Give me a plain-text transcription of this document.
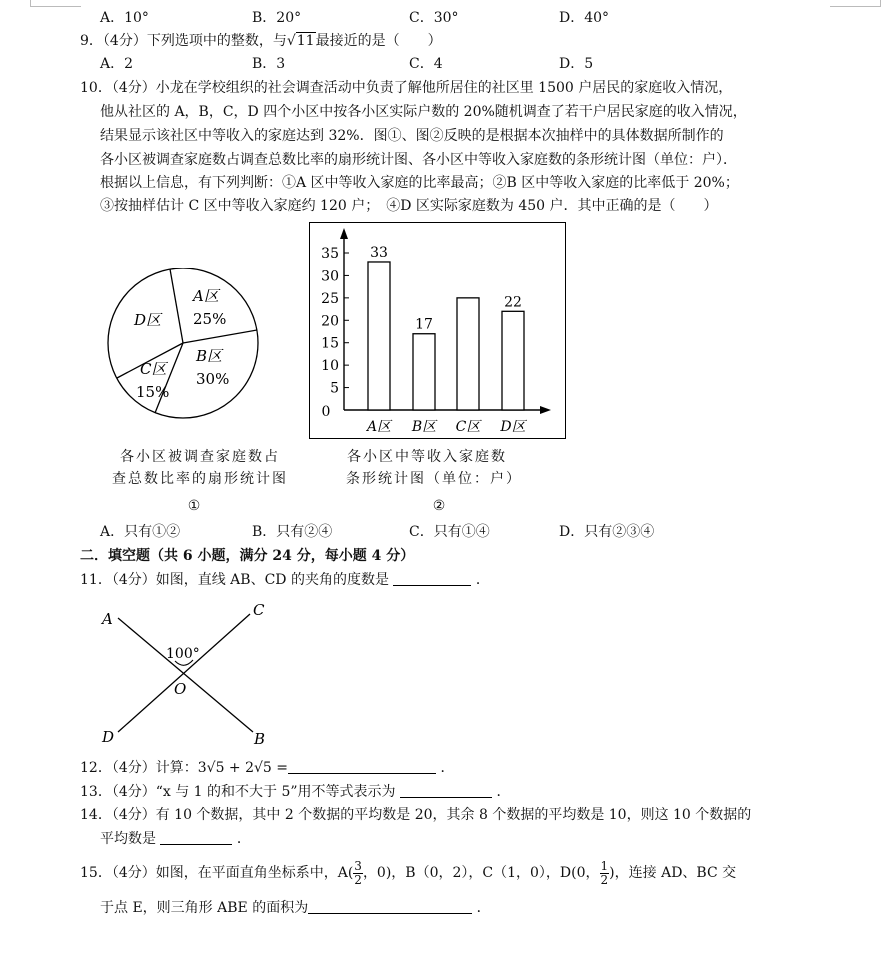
A．10°	B．20°	C．30°	D．40°
9．（4分）下列选项中的整数，与√11最接近的是（　　）
A．2	B．3	C．4	D．5
10．（4分）小龙在学校组织的社会调查活动中负责了解他所居住的社区里 1500 户居民的家庭收入情况，
他从社区的 A，B，C，D 四个小区中按各小区实际户数的 20%随机调查了若干户居民家庭的收入情况，
结果显示该社区中等收入的家庭达到 32%．图①、图②反映的是根据本次抽样中的具体数据所制作的
各小区被调查家庭数占调查总数比率的扇形统计图、各小区中等收入家庭数的条形统计图（单位：户）．
根据以上信息，有下列判断：①A 区中等收入家庭的比率最高；②B 区中等收入家庭的比率低于 20%；
③按抽样估计 C 区中等收入家庭约 120 户；　④D 区实际家庭数为 450 户．其中正确的是（　　）
A区
25%
B区
30%
C区
15%
D区
0
5
10
15
20
25
30
35 33
A区
17
B区 C区
22
D区
各小区被调查家庭数占
查总数比率的扇形统计图
①
各小区中等收入家庭数
条形统计图（单位：户）
②
A．只有①②	B．只有②④	C．只有①④	D．只有②③④
二．填空题（共 6 小题，满分 24 分，每小题 4 分）
11．（4分）如图，直线 AB、CD 的夹角的度数是	．
A	C
D	B
O
100°
12．（4分）计算：3√5 + 2√5 =	．
13．（4分）“x 与 1 的和不大于 5”用不等式表示为	．
14．（4分）有 10 个数据，其中 2 个数据的平均数是 20，其余 8 个数据的平均数是 10，则这 10 个数据的
平均数是	．
15．（4分）如图，在平面直角坐标系中，$A( \frac{3}{2}$ ，0)，B（0，2），C（1，0），D(0， $\frac{1}{2}$ )，连接 AD、BC 交
于点 E，则三角形 ABE 的面积为	．
